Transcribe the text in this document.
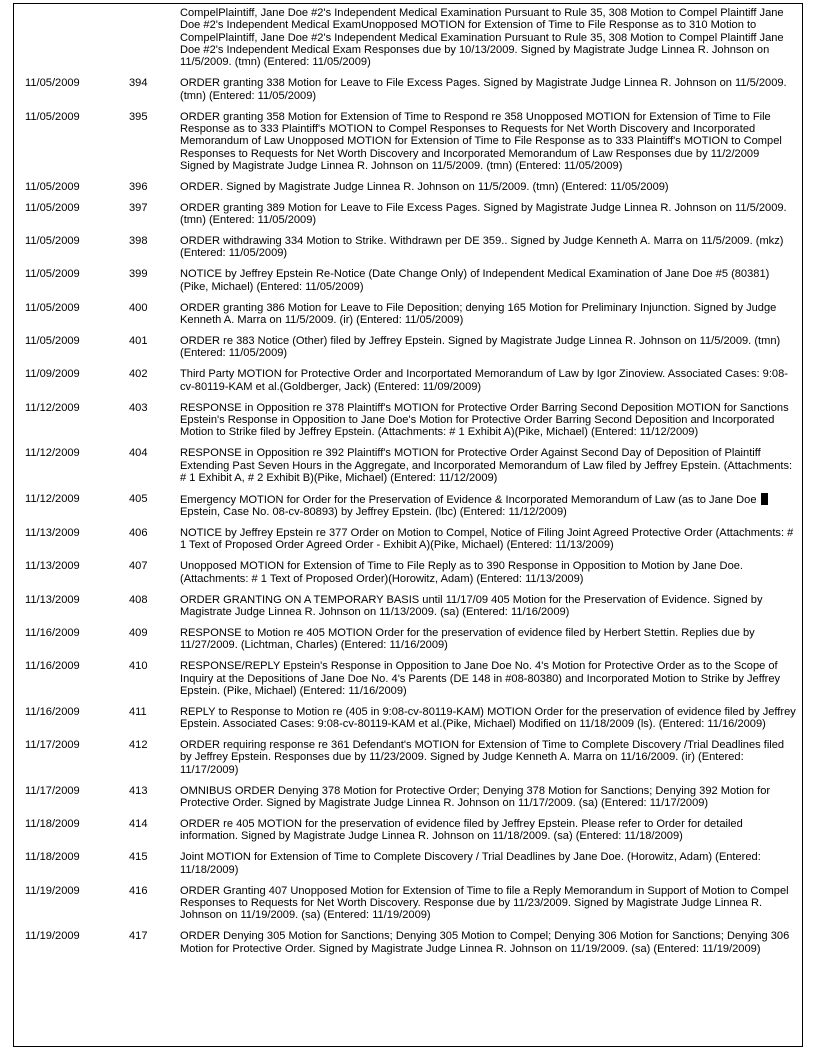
		CompelPlaintiff, Jane Doe #2's Independent Medical Examination Pursuant to Rule 35, 308 Motion to Compel Plaintiff Jane Doe #2's Independent Medical ExamUnopposed MOTION for Extension of Time to File Response as to 310 Motion to CompelPlaintiff, Jane Doe #2's Independent Medical Examination Pursuant to Rule 35, 308 Motion to Compel Plaintiff Jane Doe #2's Independent Medical Exam Responses due by 10/13/2009. Signed by Magistrate Judge Linnea R. Johnson on 11/5/2009. (tmn) (Entered: 11/05/2009)
11/05/2009	394	ORDER granting 338 Motion for Leave to File Excess Pages. Signed by Magistrate Judge Linnea R. Johnson on 11/5/2009. (tmn) (Entered: 11/05/2009)
11/05/2009	395	ORDER granting 358 Motion for Extension of Time to Respond re 358 Unopposed MOTION for Extension of Time to File Response as to 333 Plaintiff's MOTION to Compel Responses to Requests for Net Worth Discovery and Incorporated Memorandum of Law Unopposed MOTION for Extension of Time to File Response as to 333 Plaintiff's MOTION to Compel Responses to Requests for Net Worth Discovery and Incorporated Memorandum of Law Responses due by 11/2/2009 Signed by Magistrate Judge Linnea R. Johnson on 11/5/2009. (tmn) (Entered: 11/05/2009)
11/05/2009	396	ORDER. Signed by Magistrate Judge Linnea R. Johnson on 11/5/2009. (tmn) (Entered: 11/05/2009)
11/05/2009	397	ORDER granting 389 Motion for Leave to File Excess Pages. Signed by Magistrate Judge Linnea R. Johnson on 11/5/2009. (tmn) (Entered: 11/05/2009)
11/05/2009	398	ORDER withdrawing 334 Motion to Strike. Withdrawn per DE 359.. Signed by Judge Kenneth A. Marra on 11/5/2009. (mkz) (Entered: 11/05/2009)
11/05/2009	399	NOTICE by Jeffrey Epstein Re-Notice (Date Change Only) of Independent Medical Examination of Jane Doe #5 (80381) (Pike, Michael) (Entered: 11/05/2009)
11/05/2009	400	ORDER granting 386 Motion for Leave to File Deposition; denying 165 Motion for Preliminary Injunction. Signed by Judge Kenneth A. Marra on 11/5/2009. (ir) (Entered: 11/05/2009)
11/05/2009	401	ORDER re 383 Notice (Other) filed by Jeffrey Epstein. Signed by Magistrate Judge Linnea R. Johnson on 11/5/2009. (tmn) (Entered: 11/05/2009)
11/09/2009	402	Third Party MOTION for Protective Order and Incorportated Memorandum of Law by Igor Zinoview. Associated Cases: 9:08-cv-80119-KAM et al.(Goldberger, Jack) (Entered: 11/09/2009)
11/12/2009	403	RESPONSE in Opposition re 378 Plaintiff's MOTION for Protective Order Barring Second Deposition MOTION for Sanctions Epstein's Response in Opposition to Jane Doe's Motion for Protective Order Barring Second Deposition and Incorporated Motion to Strike filed by Jeffrey Epstein. (Attachments: # 1 Exhibit A)(Pike, Michael) (Entered: 11/12/2009)
11/12/2009	404	RESPONSE in Opposition re 392 Plaintiff's MOTION for Protective Order Against Second Day of Deposition of Plaintiff Extending Past Seven Hours in the Aggregate, and Incorporated Memorandum of Law filed by Jeffrey Epstein. (Attachments: # 1 Exhibit A, # 2 Exhibit B)(Pike, Michael) (Entered: 11/12/2009)
11/12/2009	405	Emergency MOTION for Order for the Preservation of Evidence & Incorporated Memorandum of Law (as to Jane Doe  Epstein, Case No. 08-cv-80893) by Jeffrey Epstein. (lbc) (Entered: 11/12/2009)
11/13/2009	406	NOTICE by Jeffrey Epstein re 377 Order on Motion to Compel, Notice of Filing Joint Agreed Protective Order (Attachments: # 1 Text of Proposed Order Agreed Order - Exhibit A)(Pike, Michael) (Entered: 11/13/2009)
11/13/2009	407	Unopposed MOTION for Extension of Time to File Reply as to 390 Response in Opposition to Motion by Jane Doe. (Attachments: # 1 Text of Proposed Order)(Horowitz, Adam) (Entered: 11/13/2009)
11/13/2009	408	ORDER GRANTING ON A TEMPORARY BASIS until 11/17/09 405 Motion for the Preservation of Evidence. Signed by Magistrate Judge Linnea R. Johnson on 11/13/2009. (sa) (Entered: 11/16/2009)
11/16/2009	409	RESPONSE to Motion re 405 MOTION Order for the preservation of evidence filed by Herbert Stettin. Replies due by 11/27/2009. (Lichtman, Charles) (Entered: 11/16/2009)
11/16/2009	410	RESPONSE/REPLY Epstein's Response in Opposition to Jane Doe No. 4's Motion for Protective Order as to the Scope of Inquiry at the Depositions of Jane Doe No. 4's Parents (DE 148 in #08-80380) and Incorporated Motion to Strike by Jeffrey Epstein. (Pike, Michael) (Entered: 11/16/2009)
11/16/2009	411	REPLY to Response to Motion re (405 in 9:08-cv-80119-KAM) MOTION Order for the preservation of evidence filed by Jeffrey Epstein. Associated Cases: 9:08-cv-80119-KAM et al.(Pike, Michael) Modified on 11/18/2009 (ls). (Entered: 11/16/2009)
11/17/2009	412	ORDER requiring response re 361 Defendant's MOTION for Extension of Time to Complete Discovery /Trial Deadlines filed by Jeffrey Epstein. Responses due by 11/23/2009. Signed by Judge Kenneth A. Marra on 11/16/2009. (ir) (Entered: 11/17/2009)
11/17/2009	413	OMNIBUS ORDER Denying 378 Motion for Protective Order; Denying 378 Motion for Sanctions; Denying 392 Motion for Protective Order. Signed by Magistrate Judge Linnea R. Johnson on 11/17/2009. (sa) (Entered: 11/17/2009)
11/18/2009	414	ORDER re 405 MOTION for the preservation of evidence filed by Jeffrey Epstein. Please refer to Order for detailed information. Signed by Magistrate Judge Linnea R. Johnson on 11/18/2009. (sa) (Entered: 11/18/2009)
11/18/2009	415	Joint MOTION for Extension of Time to Complete Discovery / Trial Deadlines by Jane Doe. (Horowitz, Adam) (Entered: 11/18/2009)
11/19/2009	416	ORDER Granting 407 Unopposed Motion for Extension of Time to file a Reply Memorandum in Support of Motion to Compel Responses to Requests for Net Worth Discovery. Response due by 11/23/2009. Signed by Magistrate Judge Linnea R. Johnson on 11/19/2009. (sa) (Entered: 11/19/2009)
11/19/2009	417	ORDER Denying 305 Motion for Sanctions; Denying 305 Motion to Compel; Denying 306 Motion for Sanctions; Denying 306 Motion for Protective Order. Signed by Magistrate Judge Linnea R. Johnson on 11/19/2009. (sa) (Entered: 11/19/2009)
